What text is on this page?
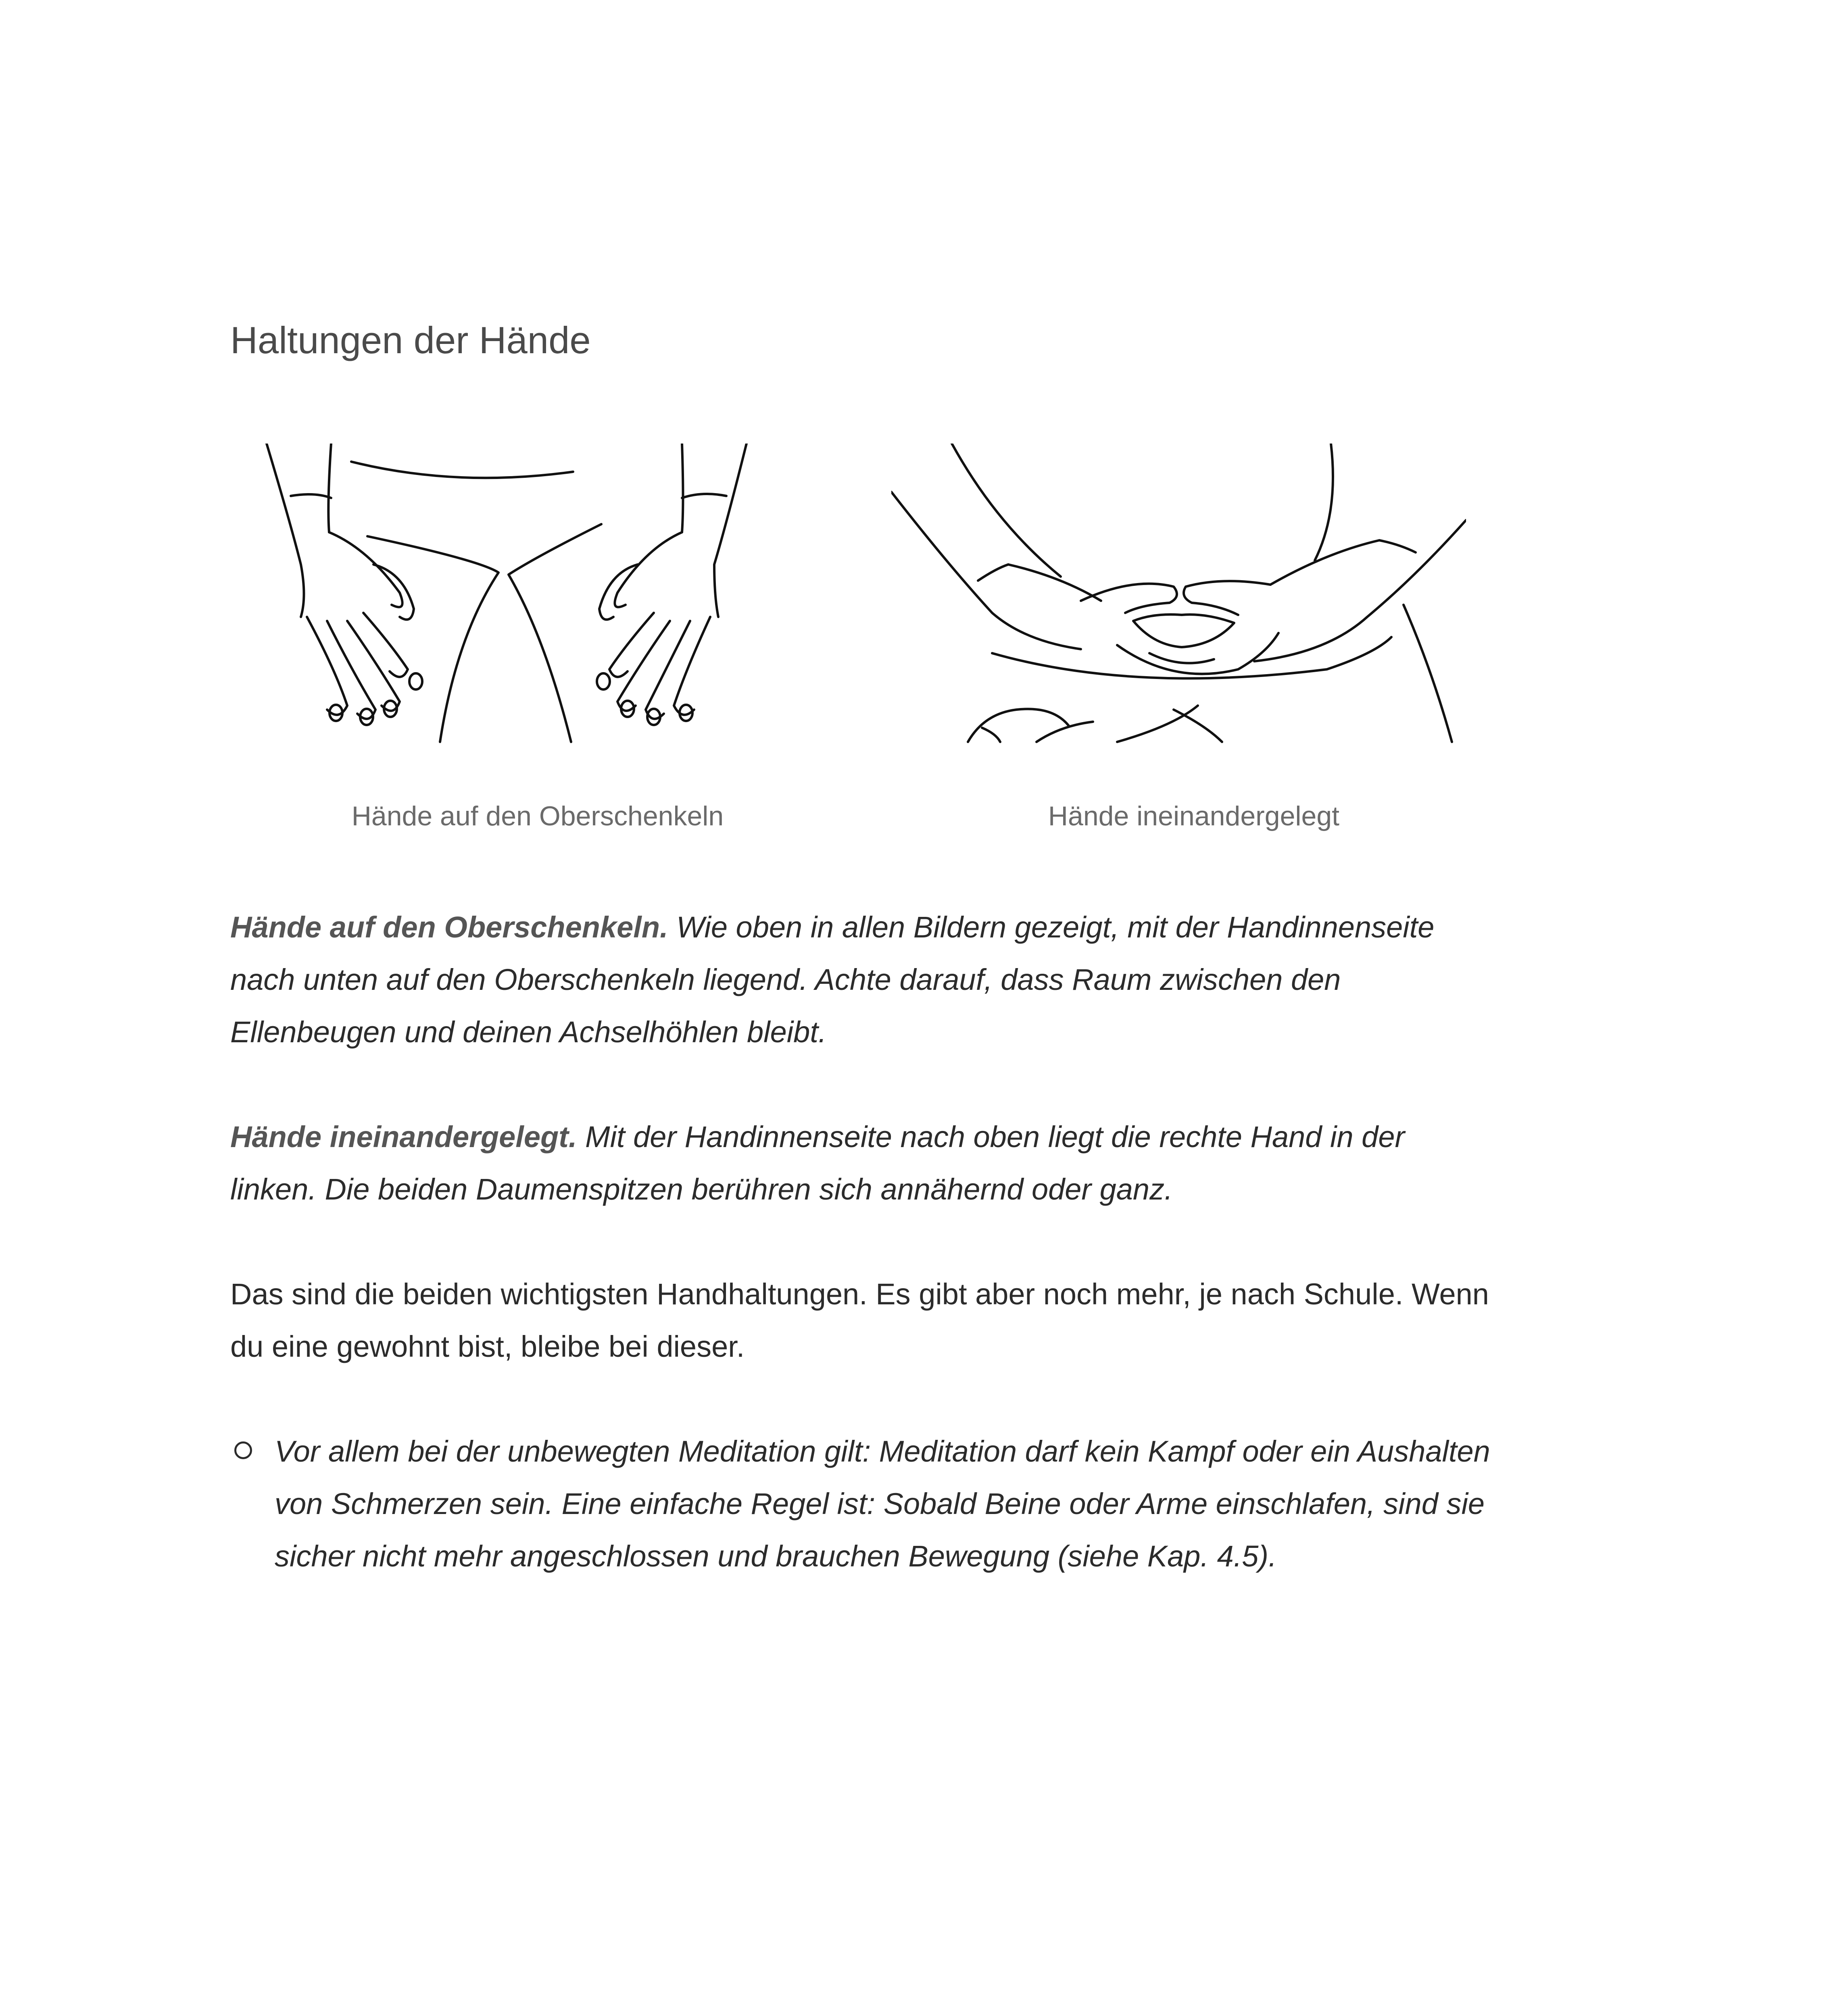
Haltungen der Hände
Hände auf den Oberschenkeln	Hände ineinandergelegt

Hände auf den Oberschenkeln. Wie oben in allen Bildern gezeigt, mit der Handinnenseite nach unten auf den Oberschenkeln liegend. Achte darauf, dass Raum zwischen den Ellenbeugen und deinen Achselhöhlen bleibt.

Hände ineinandergelegt. Mit der Handinnenseite nach oben liegt die rechte Hand in der linken. Die beiden Daumenspitzen berühren sich annähernd oder ganz.

Das sind die beiden wichtigsten Handhaltungen. Es gibt aber noch mehr, je nach Schule. Wenn du eine gewohnt bist, bleibe bei dieser.

Vor allem bei der unbewegten Meditation gilt: Meditation darf kein Kampf oder ein Aushalten von Schmerzen sein. Eine einfache Regel ist: Sobald Beine oder Arme einschlafen, sind sie sicher nicht mehr angeschlossen und brauchen Bewegung (siehe Kap. 4.5).
